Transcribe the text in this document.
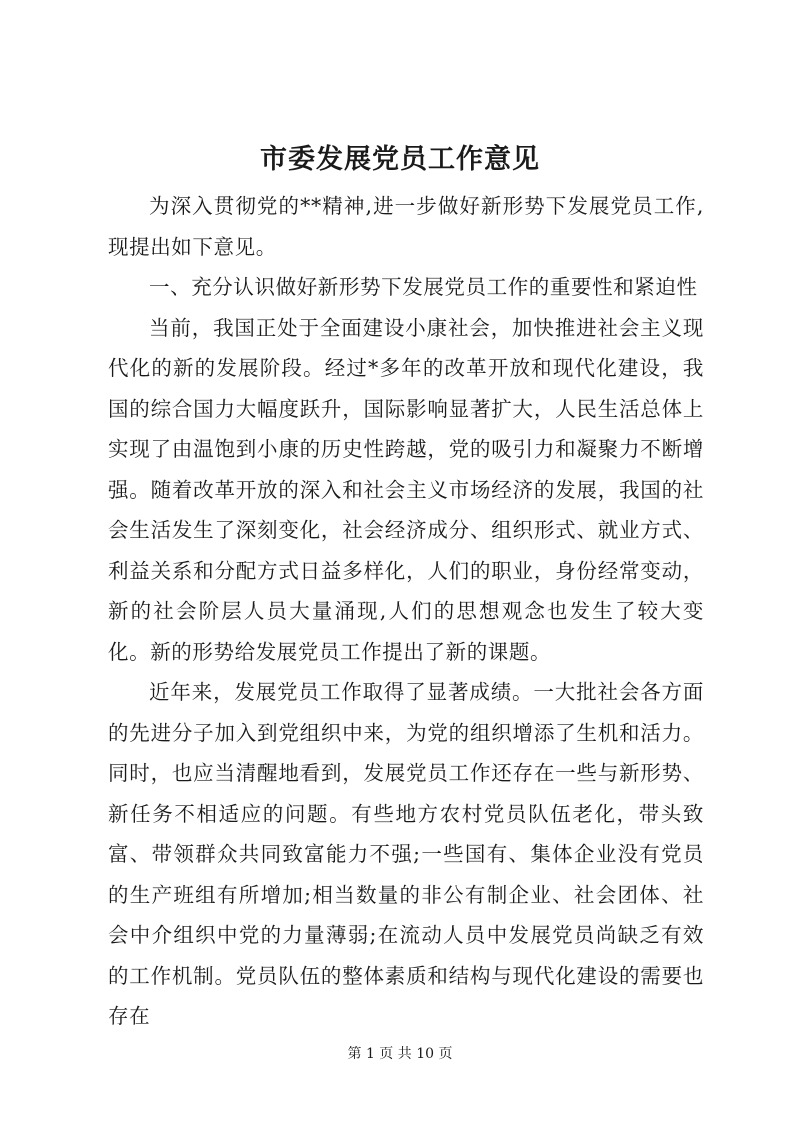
市委发展党员工作意见

为深入贯彻党的**精神,进一步做好新形势下发展党员工作,现提出如下意见。

一、充分认识做好新形势下发展党员工作的重要性和紧迫性

当前，我国正处于全面建设小康社会，加快推进社会主义现代化的新的发展阶段。经过*多年的改革开放和现代化建设，我国的综合国力大幅度跃升，国际影响显著扩大，人民生活总体上实现了由温饱到小康的历史性跨越，党的吸引力和凝聚力不断增强。随着改革开放的深入和社会主义市场经济的发展，我国的社会生活发生了深刻变化，社会经济成分、组织形式、就业方式、利益关系和分配方式日益多样化，人们的职业，身份经常变动，新的社会阶层人员大量涌现,人们的思想观念也发生了较大变化。新的形势给发展党员工作提出了新的课题。

近年来，发展党员工作取得了显著成绩。一大批社会各方面的先进分子加入到党组织中来，为党的组织增添了生机和活力。同时，也应当清醒地看到，发展党员工作还存在一些与新形势、新任务不相适应的问题。有些地方农村党员队伍老化，带头致富、带领群众共同致富能力不强;一些国有、集体企业没有党员的生产班组有所增加;相当数量的非公有制企业、社会团体、社会中介组织中党的力量薄弱;在流动人员中发展党员尚缺乏有效的工作机制。党员队伍的整体素质和结构与现代化建设的需要也存在

第 1 页 共 10 页
